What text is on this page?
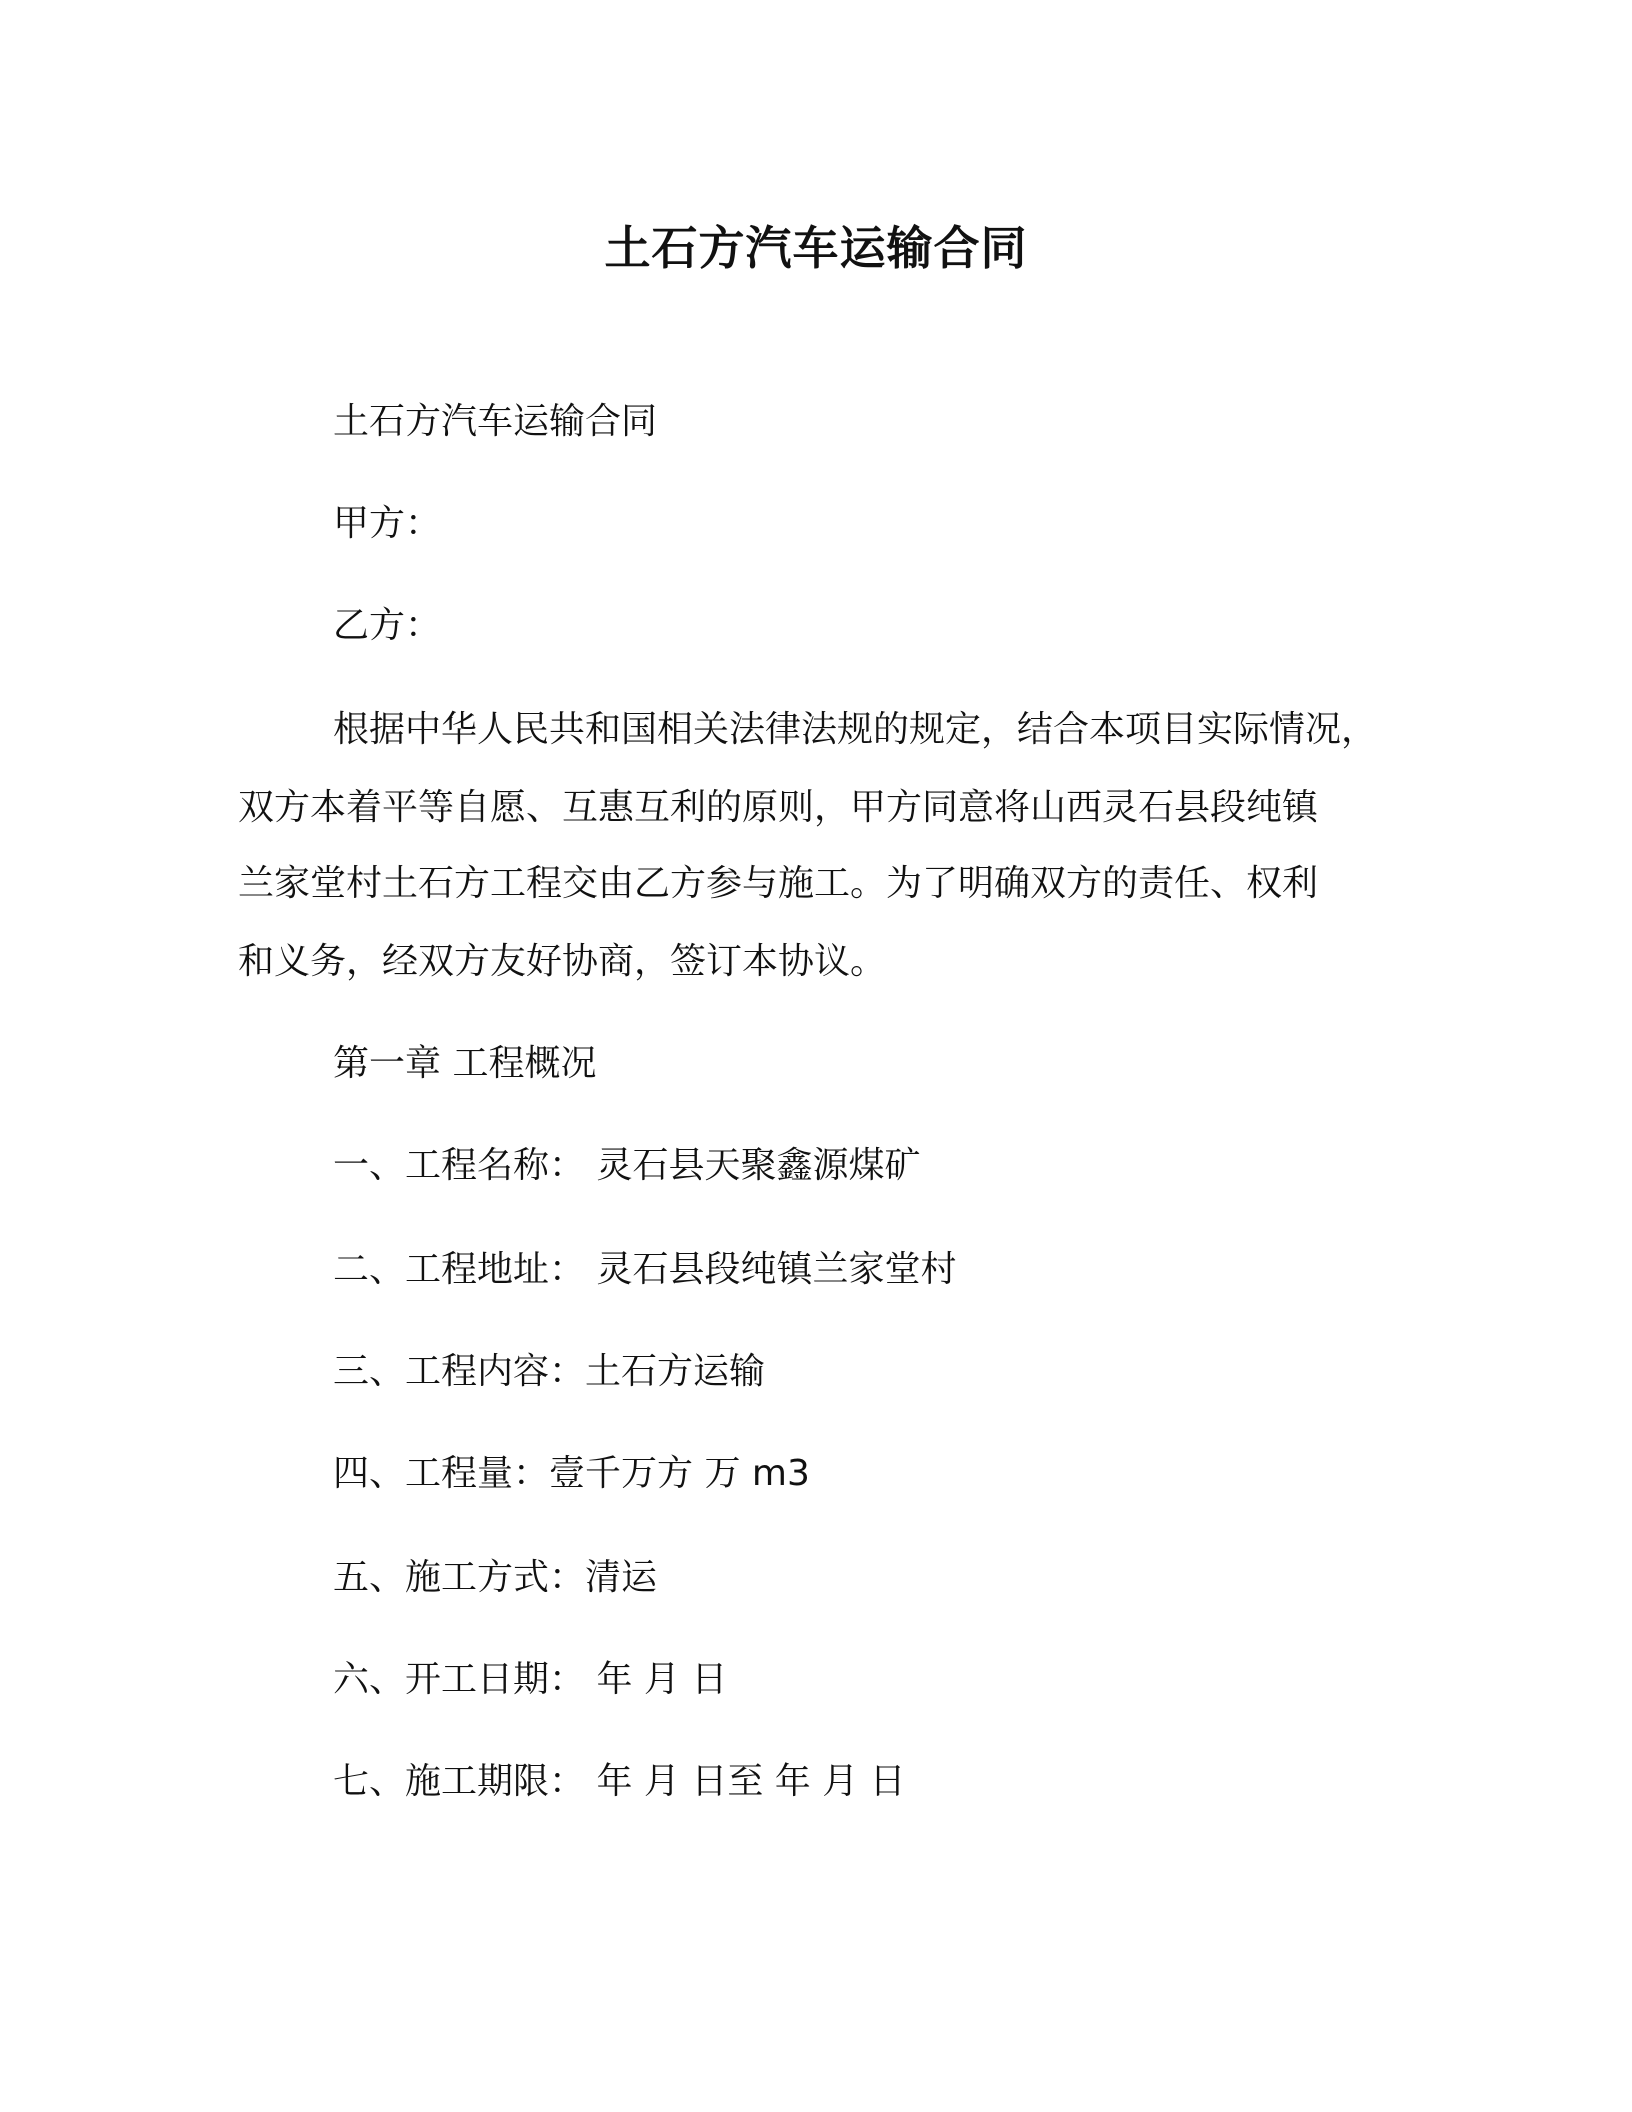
土石方汽车运输合同
土石方汽车运输合同
甲方：
乙方：
根据中华人民共和国相关法律法规的规定，结合本项目实际情况，
双方本着平等自愿、互惠互利的原则，甲方同意将山西灵石县段纯镇
兰家堂村土石方工程交由乙方参与施工。为了明确双方的责任、权利
和义务，经双方友好协商，签订本协议。
第一章 工程概况
一、工程名称： 灵石县天聚鑫源煤矿
二、工程地址： 灵石县段纯镇兰家堂村
三、工程内容：土石方运输
四、工程量：壹千万方 万 m3
五、施工方式：清运
六、开工日期： 年 月 日
七、施工期限： 年 月 日至 年 月 日
